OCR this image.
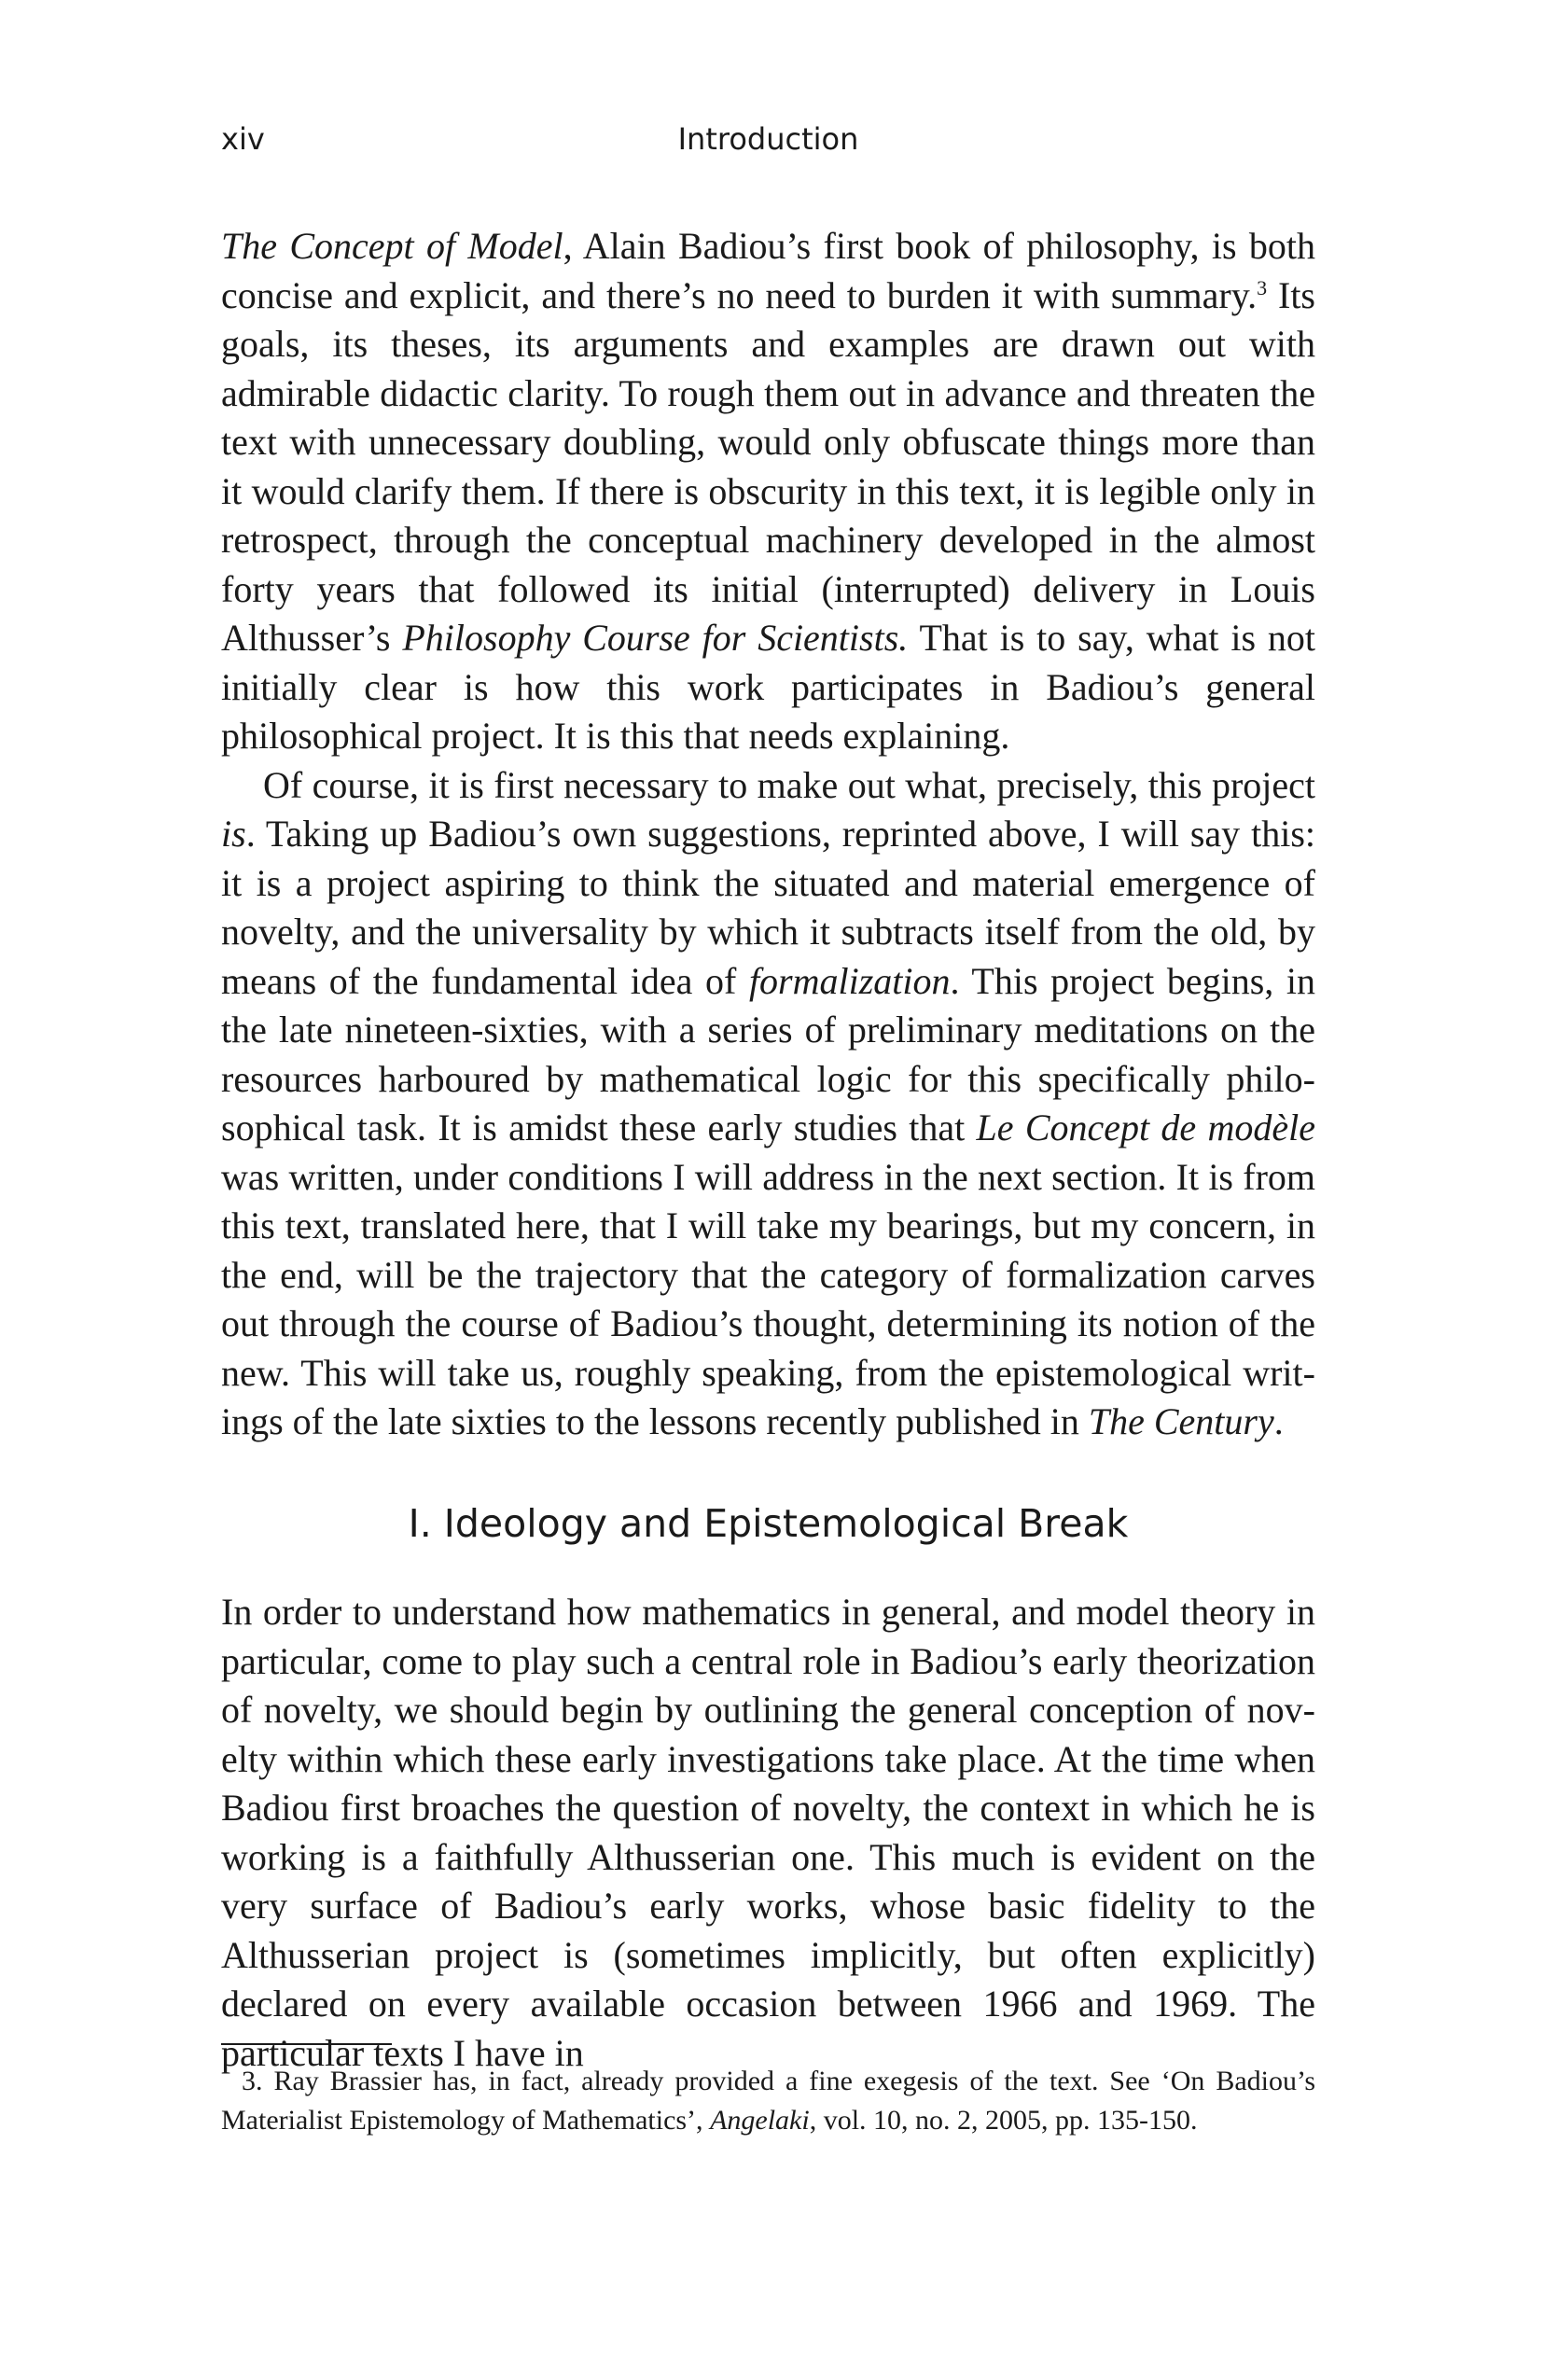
xiv	Introduction

The Concept of Model, Alain Badiou’s first book of philosophy, is both concise and explicit, and there’s no need to burden it with summary.$^3$ Its goals, its theses, its arguments and examples are drawn out with admirable didactic clarity. To rough them out in advance and threaten the text with unnecessary doubling, would only obfuscate things more than it would clarify them. If there is obscurity in this text, it is legible only in retrospect, through the conceptual machinery developed in the almost forty years that followed its initial (interrupted) delivery in Louis Althusser’s Philosophy Course for Scientists. That is to say, what is not initially clear is how this work participates in Badiou’s general philosophical project. It is this that needs explaining.

Of course, it is first necessary to make out what, precisely, this project is. Taking up Badiou’s own suggestions, reprinted above, I will say this: it is a project aspiring to think the situated and material emergence of novelty, and the universality by which it subtracts itself from the old, by means of the fundamental idea of formalization. This project begins, in the late nineteen-sixties, with a series of preliminary meditations on the resources harboured by mathematical logic for this specifically philosophical task. It is amidst these early studies that Le Concept de modèle was written, under conditions I will address in the next section. It is from this text, translated here, that I will take my bearings, but my concern, in the end, will be the trajectory that the category of formalization carves out through the course of Badiou’s thought, determining its notion of the new. This will take us, roughly speaking, from the epistemological writings of the late sixties to the lessons recently published in The Century.

I. Ideology and Epistemological Break

In order to understand how mathematics in general, and model theory in particular, come to play such a central role in Badiou’s early theorization of novelty, we should begin by outlining the general conception of novelty within which these early investigations take place. At the time when Badiou first broaches the question of novelty, the context in which he is working is a faithfully Althusserian one. This much is evident on the very surface of Badiou’s early works, whose basic fidelity to the Althusserian project is (sometimes implicitly, but often explicitly) declared on every available occasion between 1966 and 1969. The particular texts I have in

3. Ray Brassier has, in fact, already provided a fine exegesis of the text. See ‘On Badiou’s Materialist Epistemology of Mathematics’, Angelaki, vol. 10, no. 2, 2005, pp. 135-150.
